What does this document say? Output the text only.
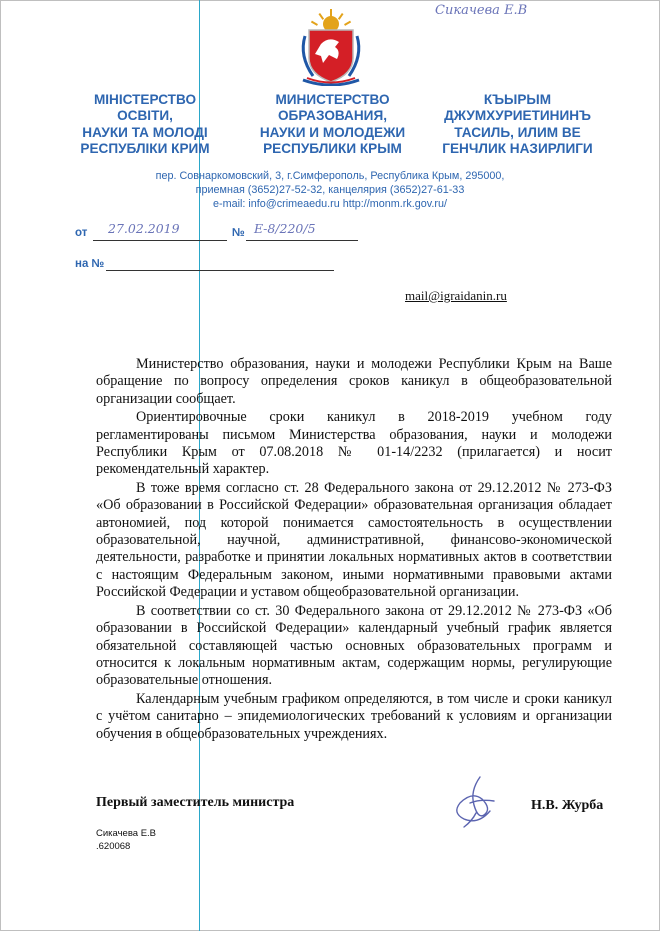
Сикачева Е.В
МІНІСТЕРСТВО
ОСВІТИ,
НАУКИ ТА МОЛОДІ
РЕСПУБЛІКИ КРИМ
МИНИСТЕРСТВО
ОБРАЗОВАНИЯ,
НАУКИ И МОЛОДЕЖИ
РЕСПУБЛИКИ КРЫМ
КЪЫРЫМ
ДЖУМХУРИЕТИНИНЪ
ТАСИЛЬ, ИЛИМ ВЕ
ГЕНЧЛИК НАЗИРЛИГИ
пер. Совнаркомовский, 3, г.Симферополь, Республика Крым, 295000,
приемная (3652)27-52-32, канцелярия (3652)27-61-33
e-mail: info@crimeaedu.ru http://monm.rk.gov.ru/
от 27.02.2019	№ Е-8/220/5
на №
mail@igraidanin.ru

Министерство образования, науки и молодежи Республики Крым на Ваше обращение по вопросу определения сроков каникул в общеобразовательной организации сообщает.

Ориентировочные сроки каникул в 2018-2019 учебном году регламентированы письмом Министерства образования, науки и молодежи Республики Крым от 07.08.2018 № 01-14/2232 (прилагается) и носит рекомендательный характер.

В тоже время согласно ст. 28 Федерального закона от 29.12.2012 № 273-ФЗ «Об образовании в Российской Федерации» образовательная организация обладает автономией, под которой понимается самостоятельность в осуществлении образовательной, научной, административной, финансово-экономической деятельности, разработке и принятии локальных нормативных актов в соответствии с настоящим Федеральным законом, иными нормативными правовыми актами Российской Федерации и уставом общеобразовательной организации.

В соответствии со ст. 30 Федерального закона от 29.12.2012 № 273-ФЗ «Об образовании в Российской Федерации» календарный учебный график является обязательной составляющей частью основных образовательных программ и относится к локальным нормативным актам, содержащим нормы, регулирующие образовательные отношения.

Календарным учебным графиком определяются, в том числе и сроки каникул с учётом санитарно – эпидемиологических требований к условиям и организации обучения в общеобразовательных учреждениях.

Первый заместитель министра	Н.В. Журба
Сикачева Е.В
.620068
